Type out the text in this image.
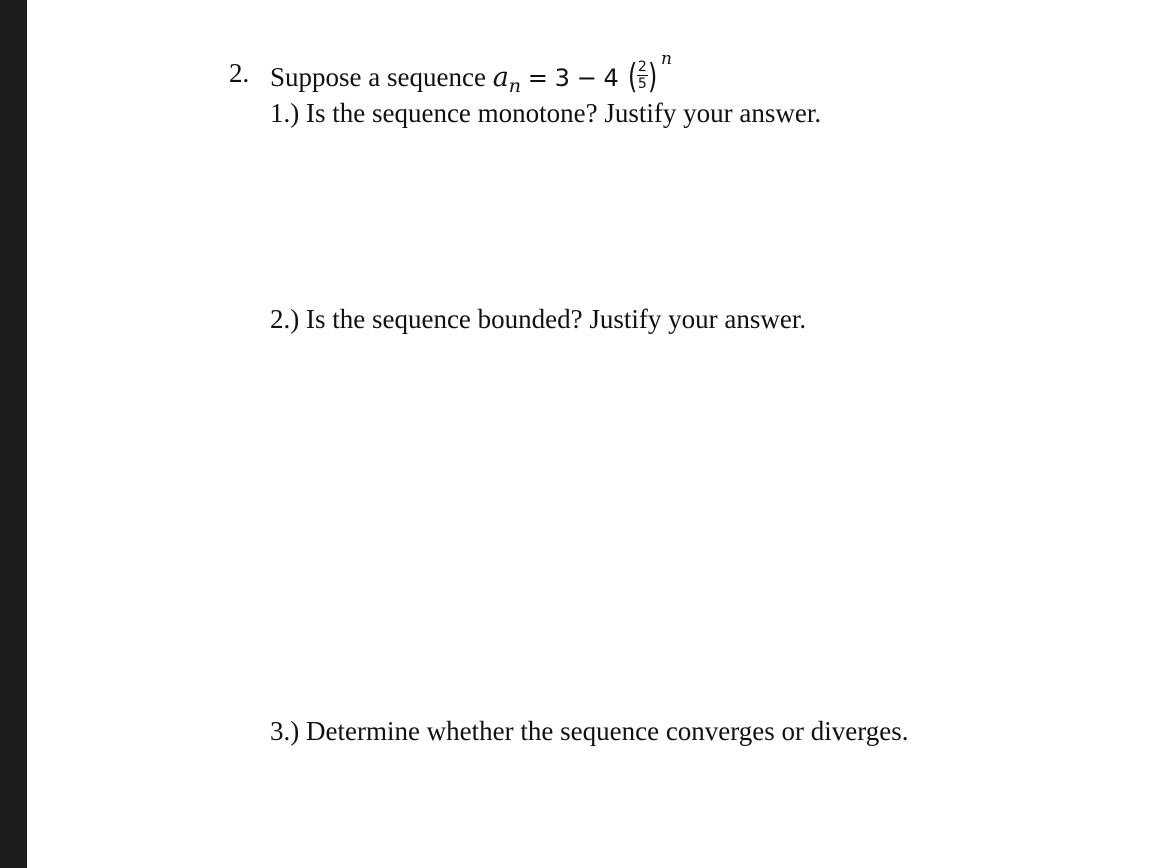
2. Suppose a sequence $a_n = 3 - 4$ ( $\frac{2}{5}$ ) $^n$
1.) Is the sequence monotone? Justify your answer.
2.) Is the sequence bounded? Justify your answer.
3.) Determine whether the sequence converges or diverges.
